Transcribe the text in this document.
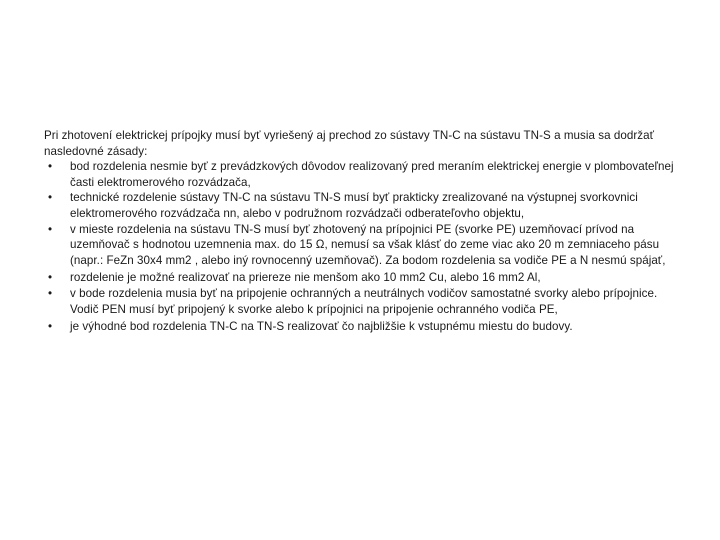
Pri zhotovení elektrickej prípojky musí byť vyriešený aj prechod zo sústavy TN-C na sústavu TN-S a musia sa dodržať nasledovné zásady:

•	bod rozdelenia nesmie byť z prevádzkových dôvodov realizovaný pred meraním elektrickej energie v plombovateľnej časti elektromerového rozvádzača,
•	technické rozdelenie sústavy TN-C na sústavu TN-S musí byť prakticky zrealizované na výstupnej svorkovnici elektromerového rozvádzača nn, alebo v podružnom rozvádzači odberateľovho objektu,
•	v mieste rozdelenia na sústavu TN-S musí byť zhotovený na prípojnici PE (svorke PE) uzemňovací prívod na uzemňovač s hodnotou uzemnenia max. do 15 Ω, nemusí sa však klásť do zeme viac ako 20 m zemniaceho pásu (napr.: FeZn 30x4 mm2 , alebo iný rovnocenný uzemňovač). Za bodom rozdelenia sa vodiče PE a N nesmú spájať,
•	rozdelenie je možné realizovať na priereze nie menšom ako 10 mm2 Cu, alebo 16 mm2 Al,
•	v bode rozdelenia musia byť na pripojenie ochranných a neutrálnych vodičov samostatné svorky alebo prípojnice. Vodič PEN musí byť pripojený k svorke alebo k prípojnici na pripojenie ochranného vodiča PE,
•	je výhodné bod rozdelenia TN-C na TN-S realizovať čo najbližšie k vstupnému miestu do budovy.
